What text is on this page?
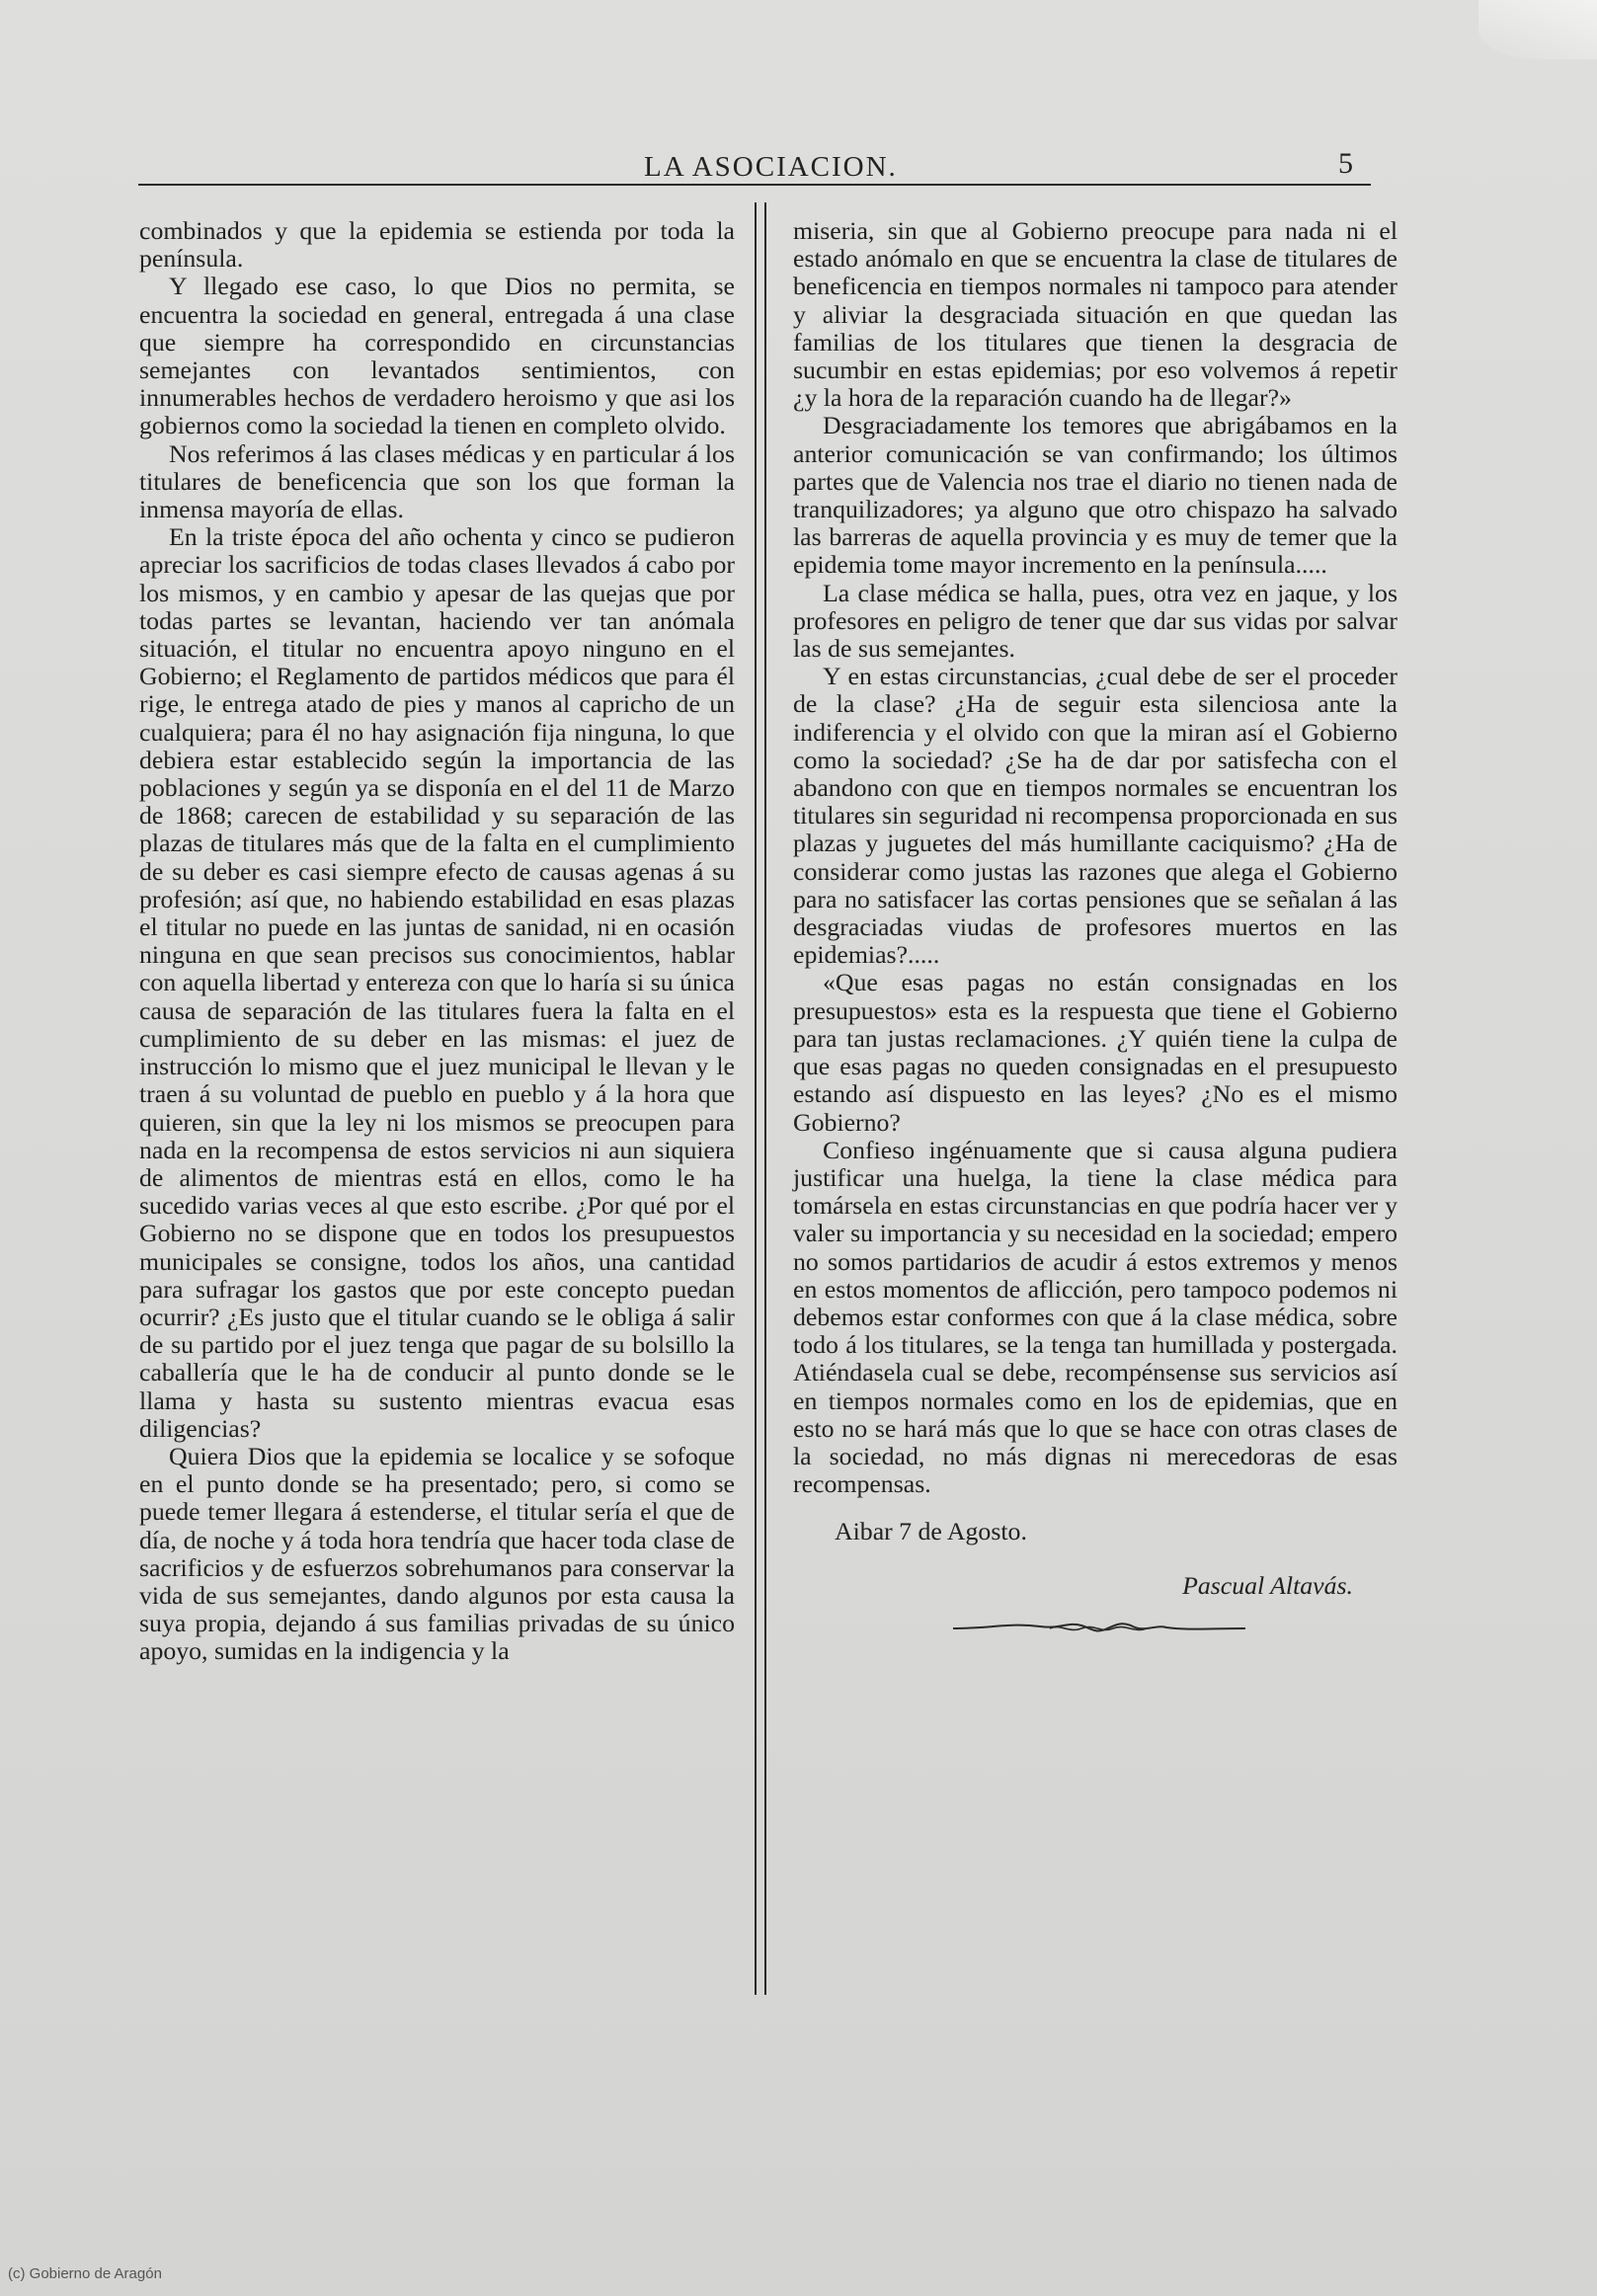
LA ASOCIACION.	5

combinados y que la epidemia se estienda por toda la península.

Y llegado ese caso, lo que Dios no permita, se encuentra la sociedad en general, entregada á una clase que siempre ha correspondido en circunstancias semejantes con levantados sentimientos, con innumerables hechos de verdadero heroismo y que asi los gobiernos como la sociedad la tienen en completo olvido.

Nos referimos á las clases médicas y en particular á los titulares de beneficencia que son los que forman la inmensa mayoría de ellas.

En la triste época del año ochenta y cinco se pudieron apreciar los sacrificios de todas clases llevados á cabo por los mismos, y en cambio y apesar de las quejas que por todas partes se levantan, haciendo ver tan anómala situación, el titular no encuentra apoyo ninguno en el Gobierno; el Reglamento de partidos médicos que para él rige, le entrega atado de pies y manos al capricho de un cualquiera; para él no hay asignación fija ninguna, lo que debiera estar establecido según la importancia de las poblaciones y según ya se disponía en el del 11 de Marzo de 1868; carecen de estabilidad y su separación de las plazas de titulares más que de la falta en el cumplimiento de su deber es casi siempre efecto de causas agenas á su profesión; así que, no habiendo estabilidad en esas plazas el titular no puede en las juntas de sanidad, ni en ocasión ninguna en que sean precisos sus conocimientos, hablar con aquella libertad y entereza con que lo haría si su única causa de separación de las titulares fuera la falta en el cumplimiento de su deber en las mismas: el juez de instrucción lo mismo que el juez municipal le llevan y le traen á su voluntad de pueblo en pueblo y á la hora que quieren, sin que la ley ni los mismos se preocupen para nada en la recompensa de estos servicios ni aun siquiera de alimentos de mientras está en ellos, como le ha sucedido varias veces al que esto escribe. ¿Por qué por el Gobierno no se dispone que en todos los presupuestos municipales se consigne, todos los años, una cantidad para sufragar los gastos que por este concepto puedan ocurrir? ¿Es justo que el titular cuando se le obliga á salir de su partido por el juez tenga que pagar de su bolsillo la caballería que le ha de conducir al punto donde se le llama y hasta su sustento mientras evacua esas diligencias?

Quiera Dios que la epidemia se localice y se sofoque en el punto donde se ha presentado; pero, si como se puede temer llegara á estenderse, el titular sería el que de día, de noche y á toda hora tendría que hacer toda clase de sacrificios y de esfuerzos sobrehumanos para conservar la vida de sus semejantes, dando algunos por esta causa la suya propia, dejando á sus familias privadas de su único apoyo, sumidas en la indigencia y la

miseria, sin que al Gobierno preocupe para nada ni el estado anómalo en que se encuentra la clase de titulares de beneficencia en tiempos normales ni tampoco para atender y aliviar la desgraciada situación en que quedan las familias de los titulares que tienen la desgracia de sucumbir en estas epidemias; por eso volvemos á repetir ¿y la hora de la reparación cuando ha de llegar?»

Desgraciadamente los temores que abrigábamos en la anterior comunicación se van confirmando; los últimos partes que de Valencia nos trae el diario no tienen nada de tranquilizadores; ya alguno que otro chispazo ha salvado las barreras de aquella provincia y es muy de temer que la epidemia tome mayor incremento en la península.....

La clase médica se halla, pues, otra vez en jaque, y los profesores en peligro de tener que dar sus vidas por salvar las de sus semejantes.

Y en estas circunstancias, ¿cual debe de ser el proceder de la clase? ¿Ha de seguir esta silenciosa ante la indiferencia y el olvido con que la miran así el Gobierno como la sociedad? ¿Se ha de dar por satisfecha con el abandono con que en tiempos normales se encuentran los titulares sin seguridad ni recompensa proporcionada en sus plazas y juguetes del más humillante caciquismo? ¿Ha de considerar como justas las razones que alega el Gobierno para no satisfacer las cortas pensiones que se señalan á las desgraciadas viudas de profesores muertos en las epidemias?.....

«Que esas pagas no están consignadas en los presupuestos» esta es la respuesta que tiene el Gobierno para tan justas reclamaciones. ¿Y quién tiene la culpa de que esas pagas no queden consignadas en el presupuesto estando así dispuesto en las leyes? ¿No es el mismo Gobierno?

Confieso ingénuamente que si causa alguna pudiera justificar una huelga, la tiene la clase médica para tomársela en estas circunstancias en que podría hacer ver y valer su importancia y su necesidad en la sociedad; empero no somos partidarios de acudir á estos extremos y menos en estos momentos de aflicción, pero tampoco podemos ni debemos estar conformes con que á la clase médica, sobre todo á los titulares, se la tenga tan humillada y postergada. Atiéndasela cual se debe, recompénsense sus servicios así en tiempos normales como en los de epidemias, que en esto no se hará más que lo que se hace con otras clases de la sociedad, no más dignas ni merecedoras de esas recompensas.

Aibar 7 de Agosto.

Pascual Altavás.

(c) Gobierno de Aragón
